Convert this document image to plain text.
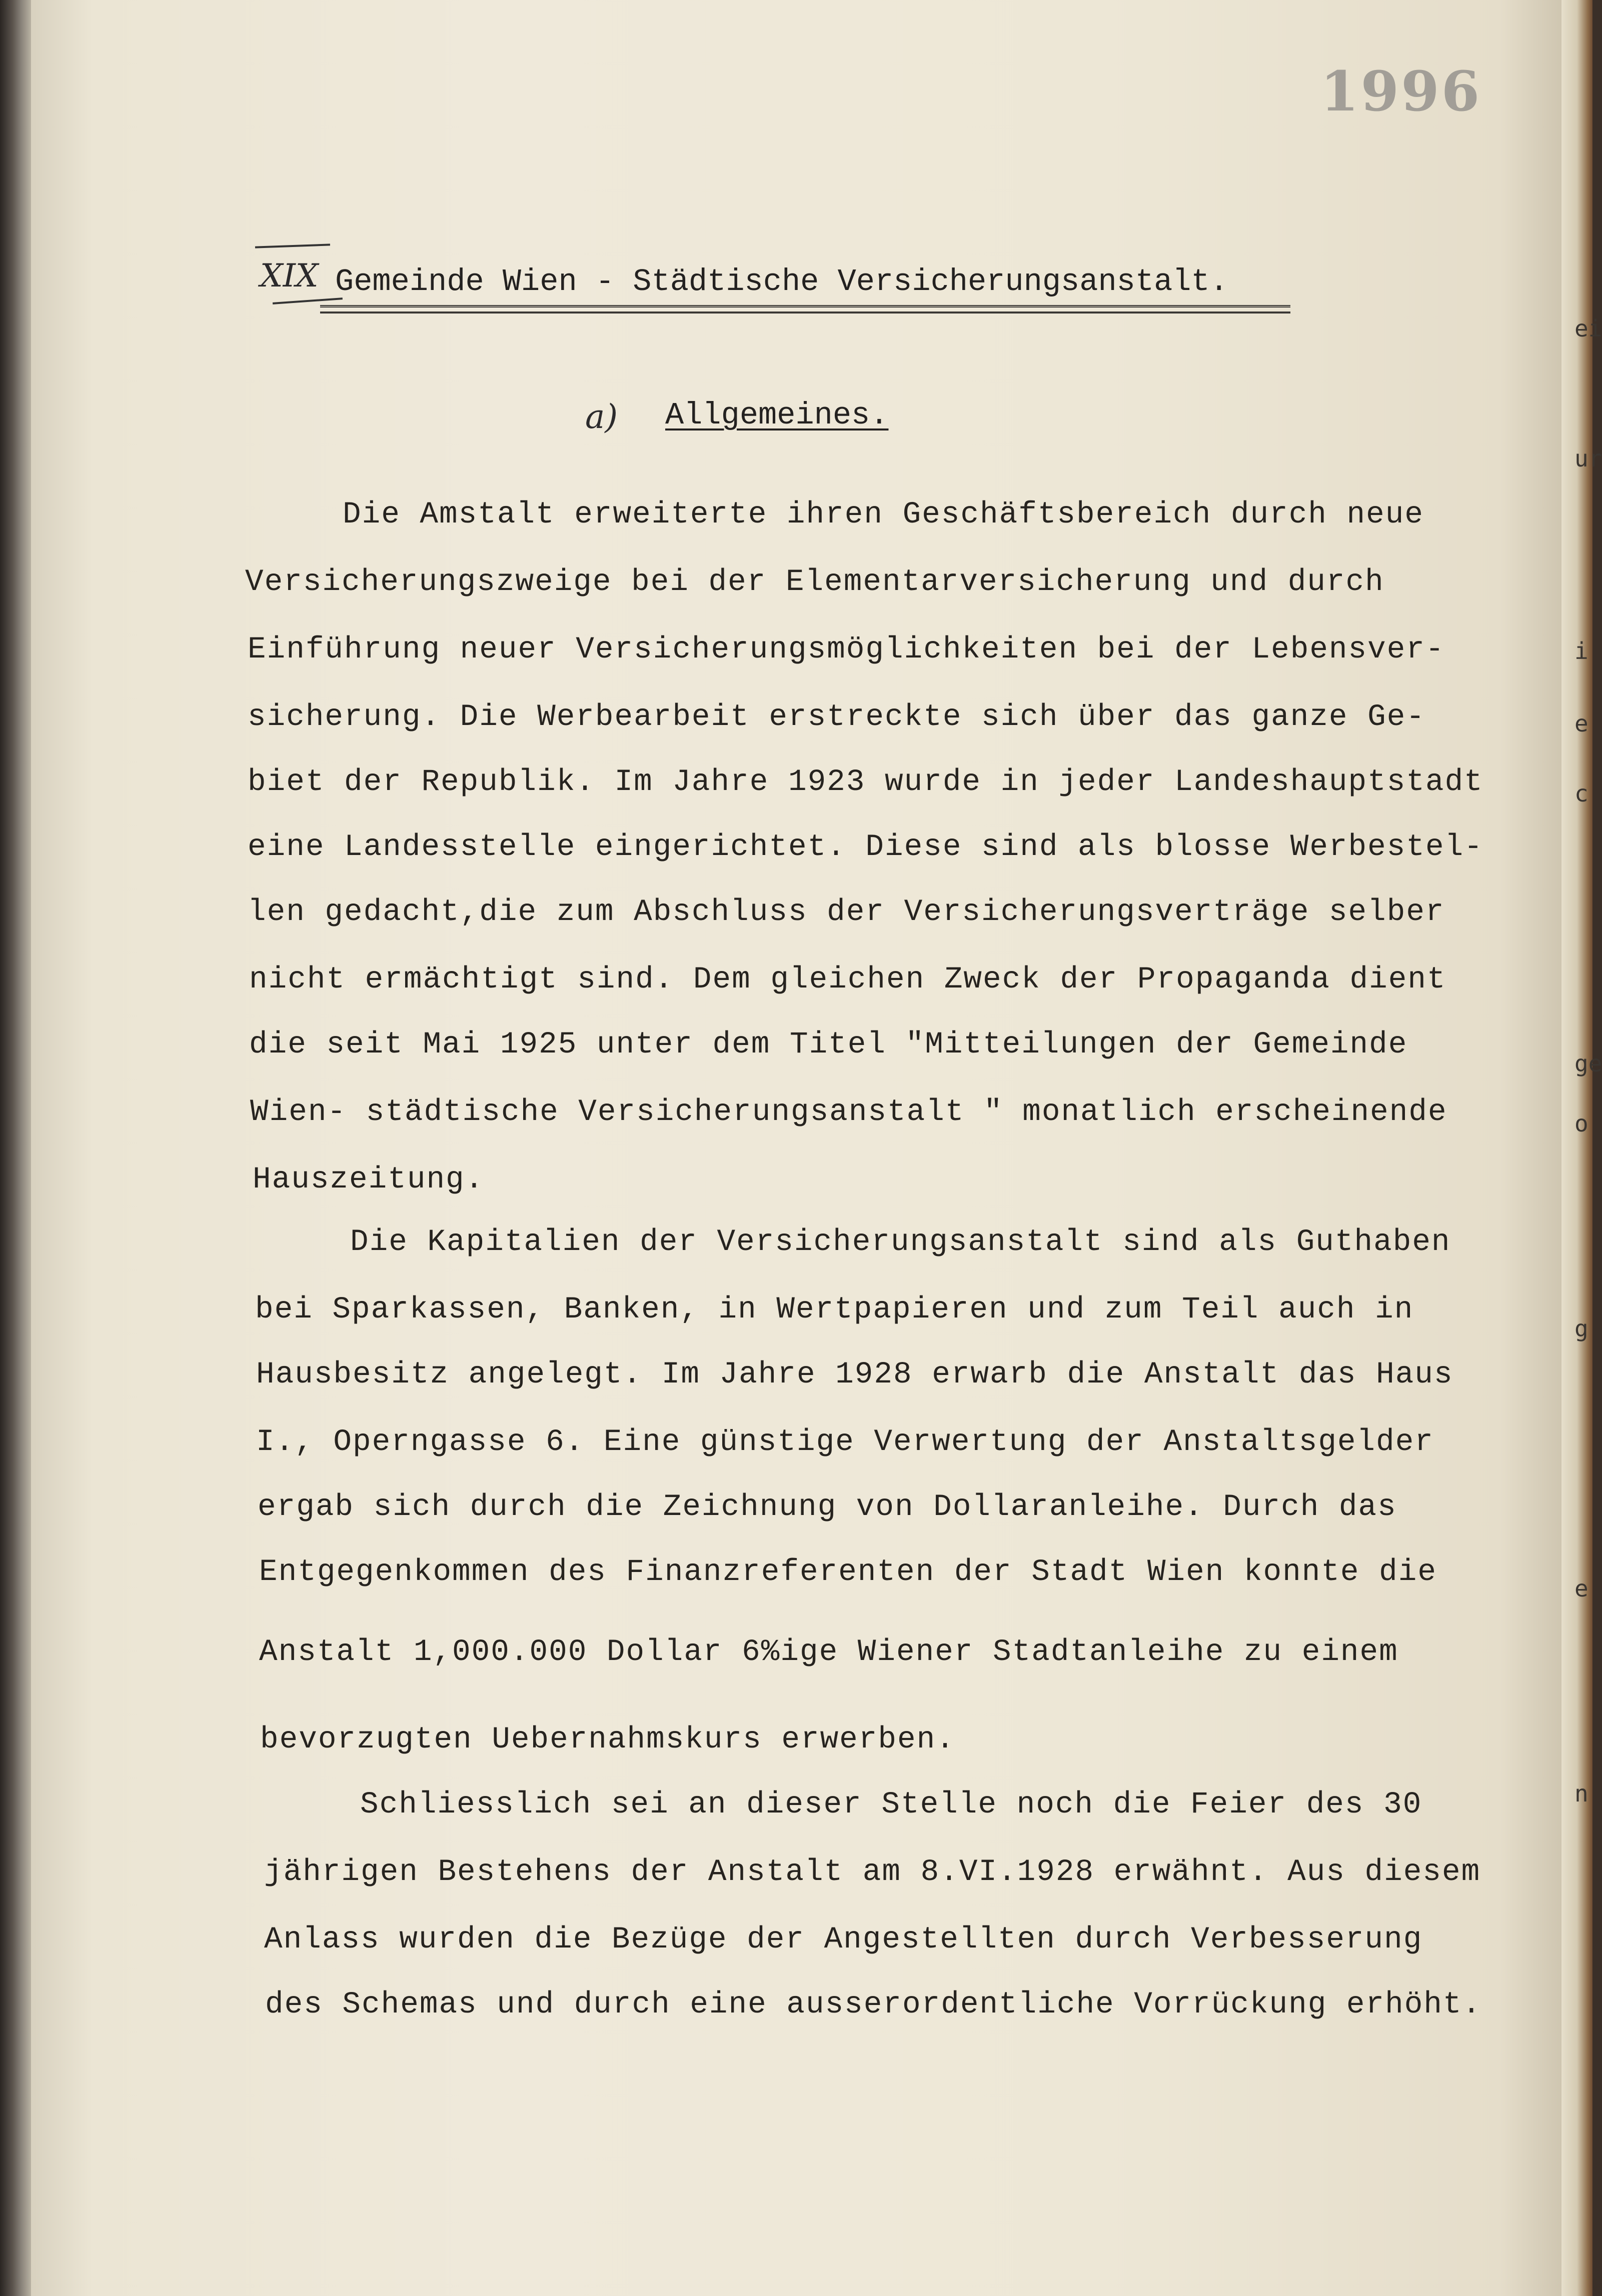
ei
ur
i
e
c
ge
o
g
e
n
1996
XIX Gemeinde Wien - Städtische Versicherungsanstalt.
a) Allgemeines.
Die Amstalt erweiterte ihren Geschäftsbereich durch neue
Versicherungszweige bei der Elementarversicherung und durch
Einführung neuer Versicherungsmöglichkeiten bei der Lebensver-
sicherung. Die Werbearbeit erstreckte sich über das ganze Ge-
biet der Republik. Im Jahre 1923 wurde in jeder Landeshauptstadt
eine Landesstelle eingerichtet. Diese sind als blosse Werbestel-
len gedacht,die zum Abschluss der Versicherungsverträge selber
nicht ermächtigt sind. Dem gleichen Zweck der Propaganda dient
die seit Mai 1925 unter dem Titel "Mitteilungen der Gemeinde
Wien- städtische Versicherungsanstalt " monatlich erscheinende
Hauszeitung.
Die Kapitalien der Versicherungsanstalt sind als Guthaben
bei Sparkassen, Banken, in Wertpapieren und zum Teil auch in
Hausbesitz angelegt. Im Jahre 1928 erwarb die Anstalt das Haus
I., Operngasse 6. Eine günstige Verwertung der Anstaltsgelder
ergab sich durch die Zeichnung von Dollaranleihe. Durch das
Entgegenkommen des Finanzreferenten der Stadt Wien konnte die
Anstalt 1,000.000 Dollar 6%ige Wiener Stadtanleihe zu einem
bevorzugten Uebernahmskurs erwerben.
Schliesslich sei an dieser Stelle noch die Feier des 30
jährigen Bestehens der Anstalt am 8.VI.1928 erwähnt. Aus diesem
Anlass wurden die Bezüge der Angestellten durch Verbesserung
des Schemas und durch eine ausserordentliche Vorrückung erhöht.
